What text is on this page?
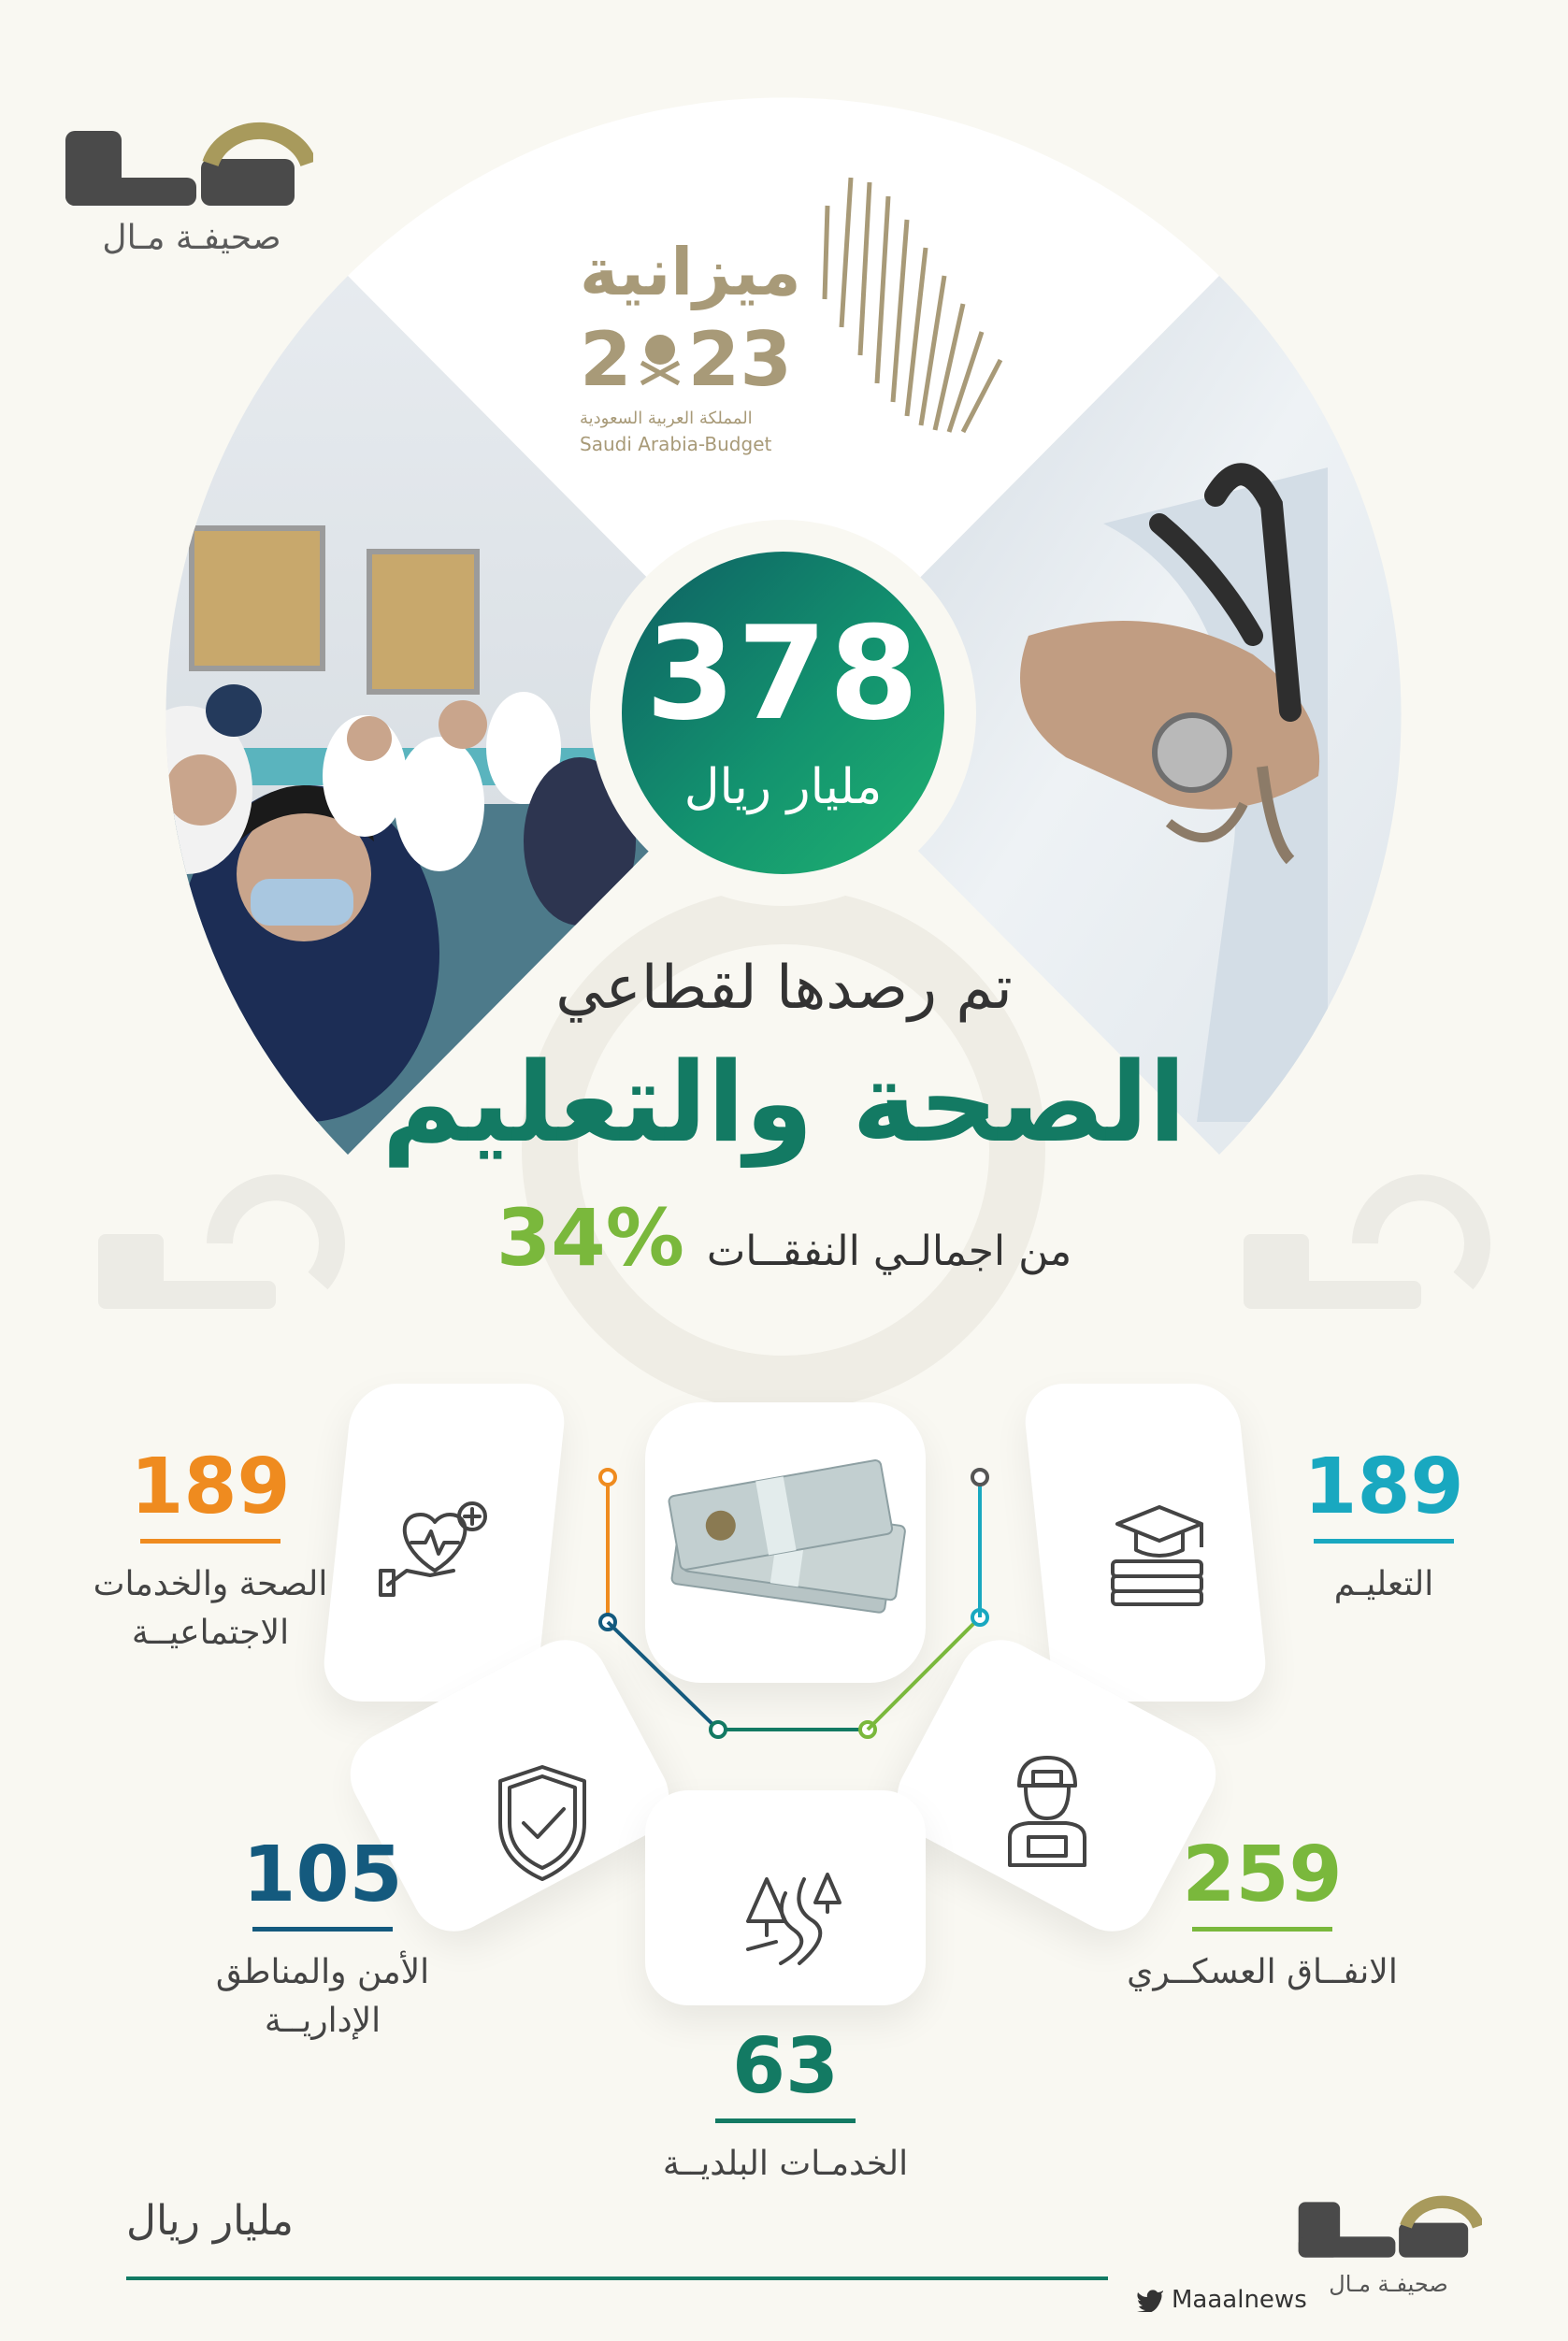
صحيفـة مـال	ميزانية
2 23
المملكة العربية السعودية
Saudi Arabia-Budget
378
مليار ريال
تم رصدها لقطاعي
الصحة والتعليم
من اجمالـي النفقــات
34%
189
الصحة والخدمات
الاجتماعيــة
189
التعليـم
105
الأمن والمناطق
الإداريــة
259
الانفــاق العسكــري
63
الخدمـات البلديــة
مليار ريال
Maaalnews
صحيفـة مـال
